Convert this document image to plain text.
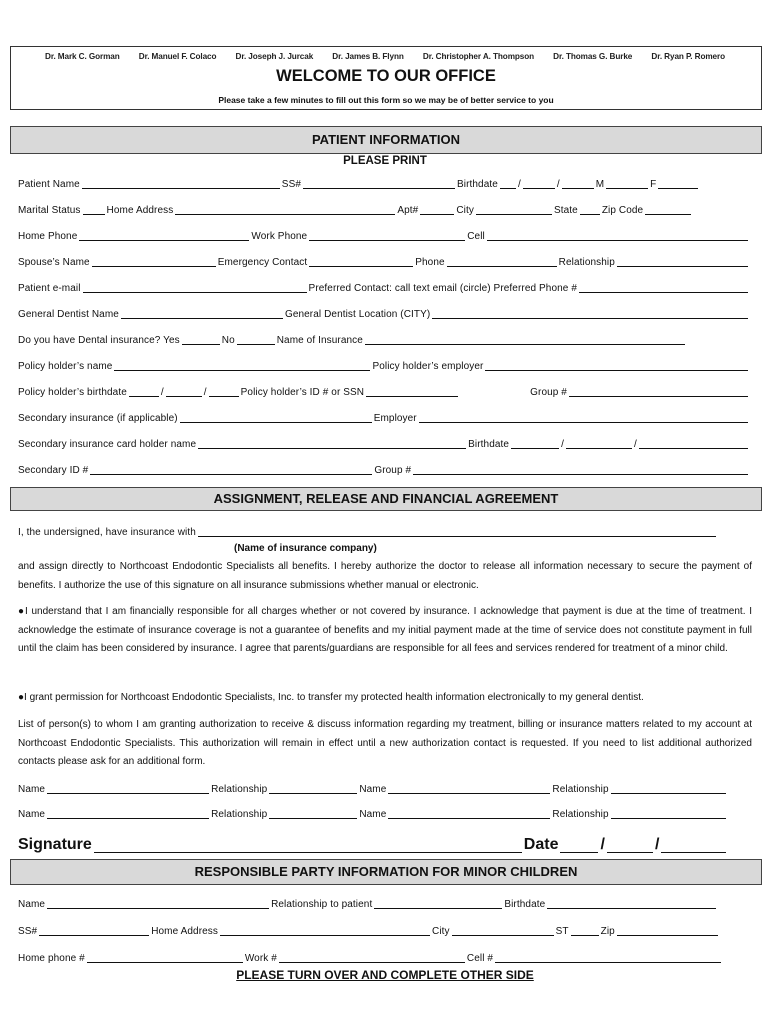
Dr. Mark C. Gorman Dr. Manuel F. Colaco Dr. Joseph J. Jurcak Dr. James B. Flynn Dr. Christopher A. Thompson Dr. Thomas G. Burke Dr. Ryan P. Romero
WELCOME TO OUR OFFICE
Please take a few minutes to fill out this form so we may be of better service to you
PATIENT INFORMATION
PLEASE PRINT
Patient Name	SS#	Birthdate /	/	M	F
Marital Status	Home Address	Apt#	City	State Zip Code
Home Phone	Work Phone	Cell
Spouse’s Name	Emergency Contact	Phone	Relationship
Patient e-mail	Preferred Contact: call text email (circle) Preferred Phone #
General Dentist Name	General Dentist Location (CITY)
Do you have Dental insurance? Yes	No	Name of Insurance
Policy holder’s name	Policy holder’s employer
Policy holder’s birthdate	/	/	Policy holder’s ID # or SSN	Group #
Secondary insurance (if applicable)	Employer
Secondary insurance card holder name	Birthdate	/	/
Secondary ID #	Group #
ASSIGNMENT, RELEASE AND FINANCIAL AGREEMENT
I, the undersigned, have insurance with
(Name of insurance company)
and assign directly to Northcoast Endodontic Specialists all benefits. I hereby authorize the doctor to release all information necessary to secure the payment of benefits. I authorize the use of this signature on all insurance submissions whether manual or electronic.
●I understand that I am financially responsible for all charges whether or not covered by insurance. I acknowledge that payment is due at the time of treatment. I acknowledge the estimate of insurance coverage is not a guarantee of benefits and my initial payment made at the time of service does not constitute payment in full until the claim has been considered by insurance. I agree that parents/guardians are responsible for all fees and services rendered for treatment of a minor child.
●I grant permission for Northcoast Endodontic Specialists, Inc. to transfer my protected health information electronically to my general dentist.
List of person(s) to whom I am granting authorization to receive & discuss information regarding my treatment, billing or insurance matters related to my account at Northcoast Endodontic Specialists. This authorization will remain in effect until a new authorization contact is requested. If you need to list additional authorized contacts please ask for an additional form.
Name	Relationship	Name	Relationship
Name	Relationship	Name	Relationship
Signature	Date	/	/
RESPONSIBLE PARTY INFORMATION FOR MINOR CHILDREN
Name	Relationship to patient	Birthdate
SS#	Home Address	City	ST	Zip
Home phone #	Work #	Cell #
PLEASE TURN OVER AND COMPLETE OTHER SIDE
